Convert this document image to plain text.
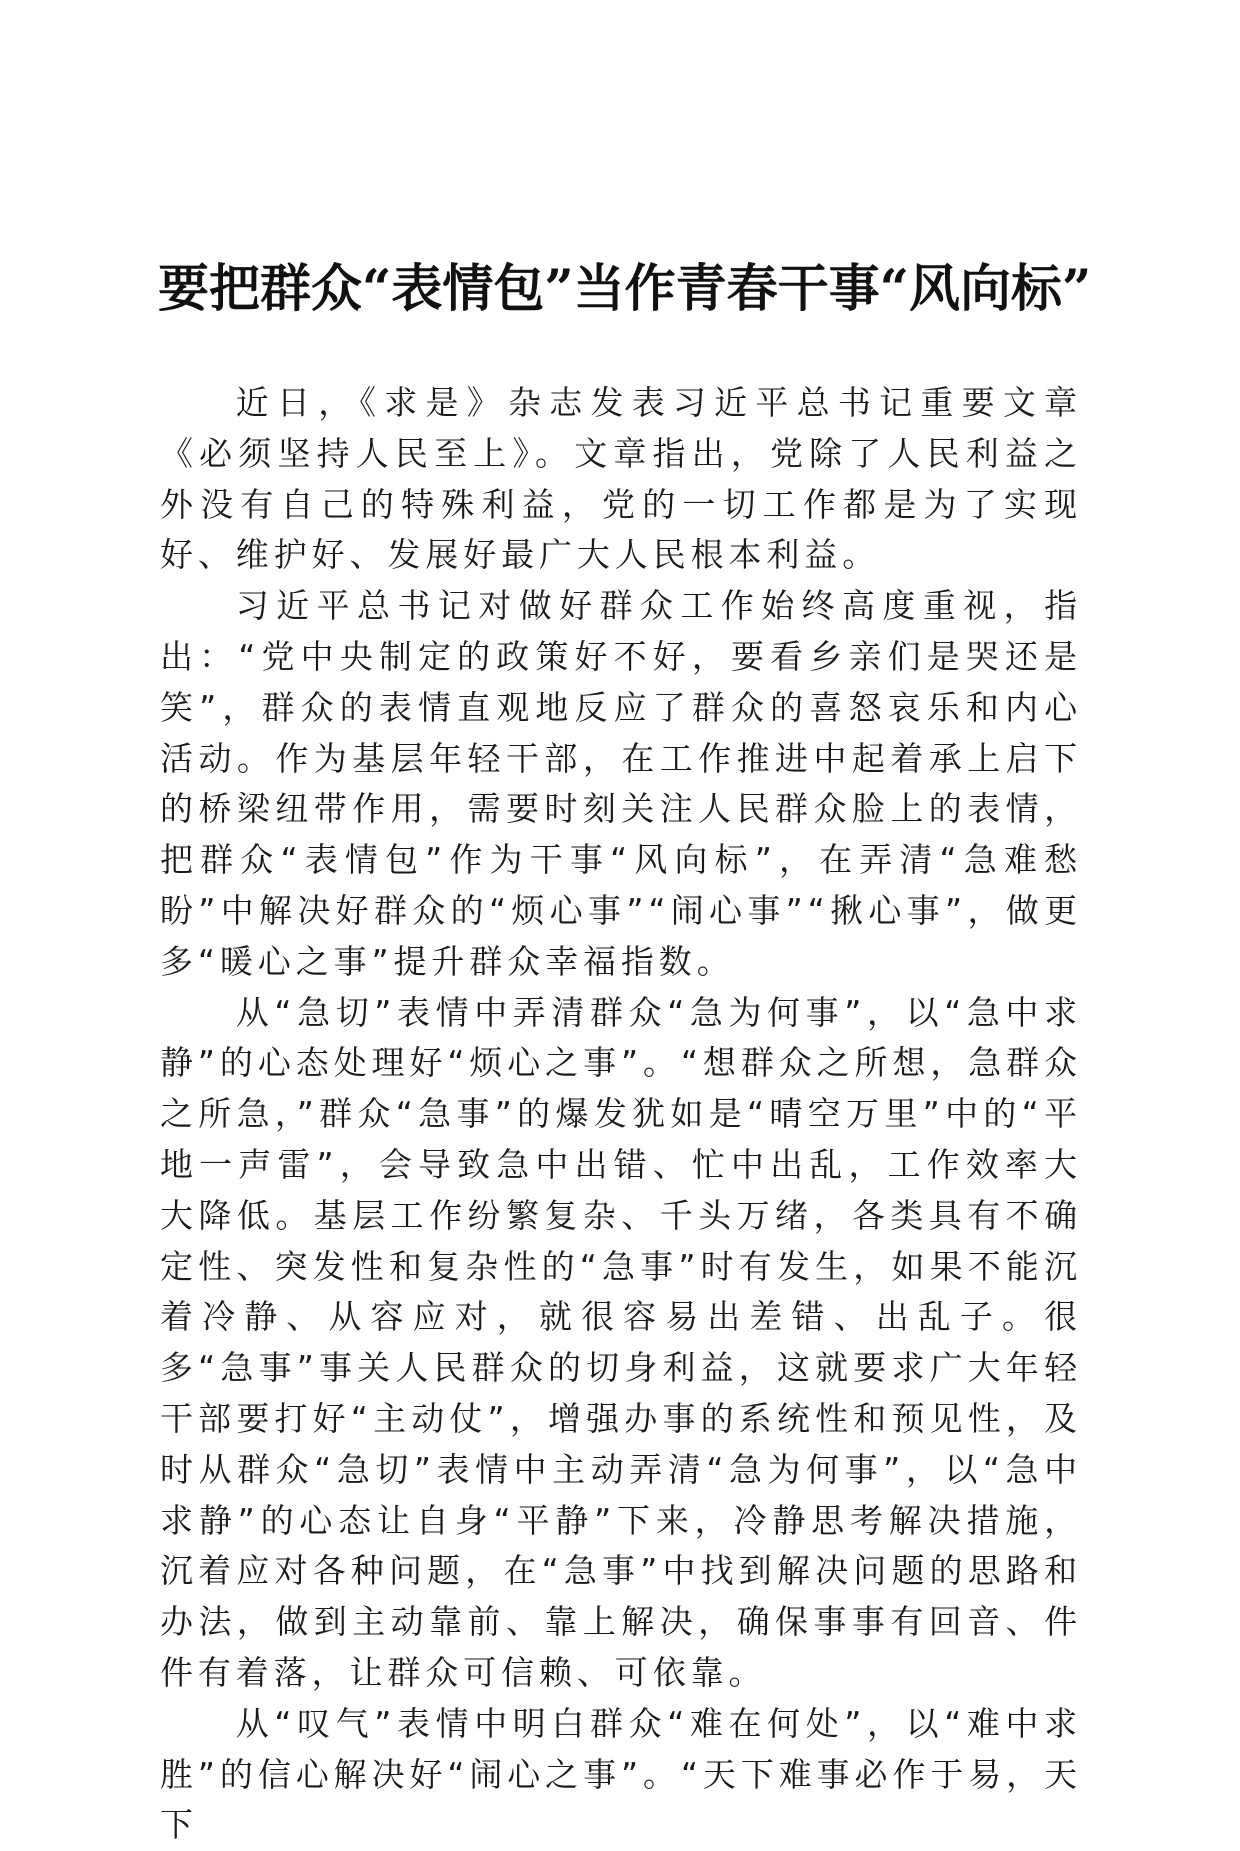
要把群众“表情包”当作青春干事“风向标”

近日，《求是》杂志发表习近平总书记重要文章《必须坚持人民至上》。文章指出，党除了人民利益之外没有自己的特殊利益，党的一切工作都是为了实现好、维护好、发展好最广大人民根本利益。

习近平总书记对做好群众工作始终高度重视，指出：“党中央制定的政策好不好，要看乡亲们是哭还是笑”，群众的表情直观地反应了群众的喜怒哀乐和内心活动。作为基层年轻干部，在工作推进中起着承上启下的桥梁纽带作用，需要时刻关注人民群众脸上的表情，把群众“表情包”作为干事“风向标”，在弄清“急难愁盼”中解决好群众的“烦心事”“闹心事”“揪心事”，做更多“暖心之事”提升群众幸福指数。

从“急切”表情中弄清群众“急为何事”，以“急中求静”的心态处理好“烦心之事”。“想群众之所想，急群众之所急，”群众“急事”的爆发犹如是“晴空万里”中的“平地一声雷”，会导致急中出错、忙中出乱，工作效率大大降低。基层工作纷繁复杂、千头万绪，各类具有不确定性、突发性和复杂性的“急事”时有发生，如果不能沉着冷静、从容应对，就很容易出差错、出乱子。很多“急事”事关人民群众的切身利益，这就要求广大年轻干部要打好“主动仗”，增强办事的系统性和预见性，及时从群众“急切”表情中主动弄清“急为何事”，以“急中求静”的心态让自身“平静”下来，冷静思考解决措施，沉着应对各种问题，在“急事”中找到解决问题的思路和办法，做到主动靠前、靠上解决，确保事事有回音、件件有着落，让群众可信赖、可依靠。

从“叹气”表情中明白群众“难在何处”，以“难中求胜”的信心解决好“闹心之事”。“天下难事必作于易，天下
